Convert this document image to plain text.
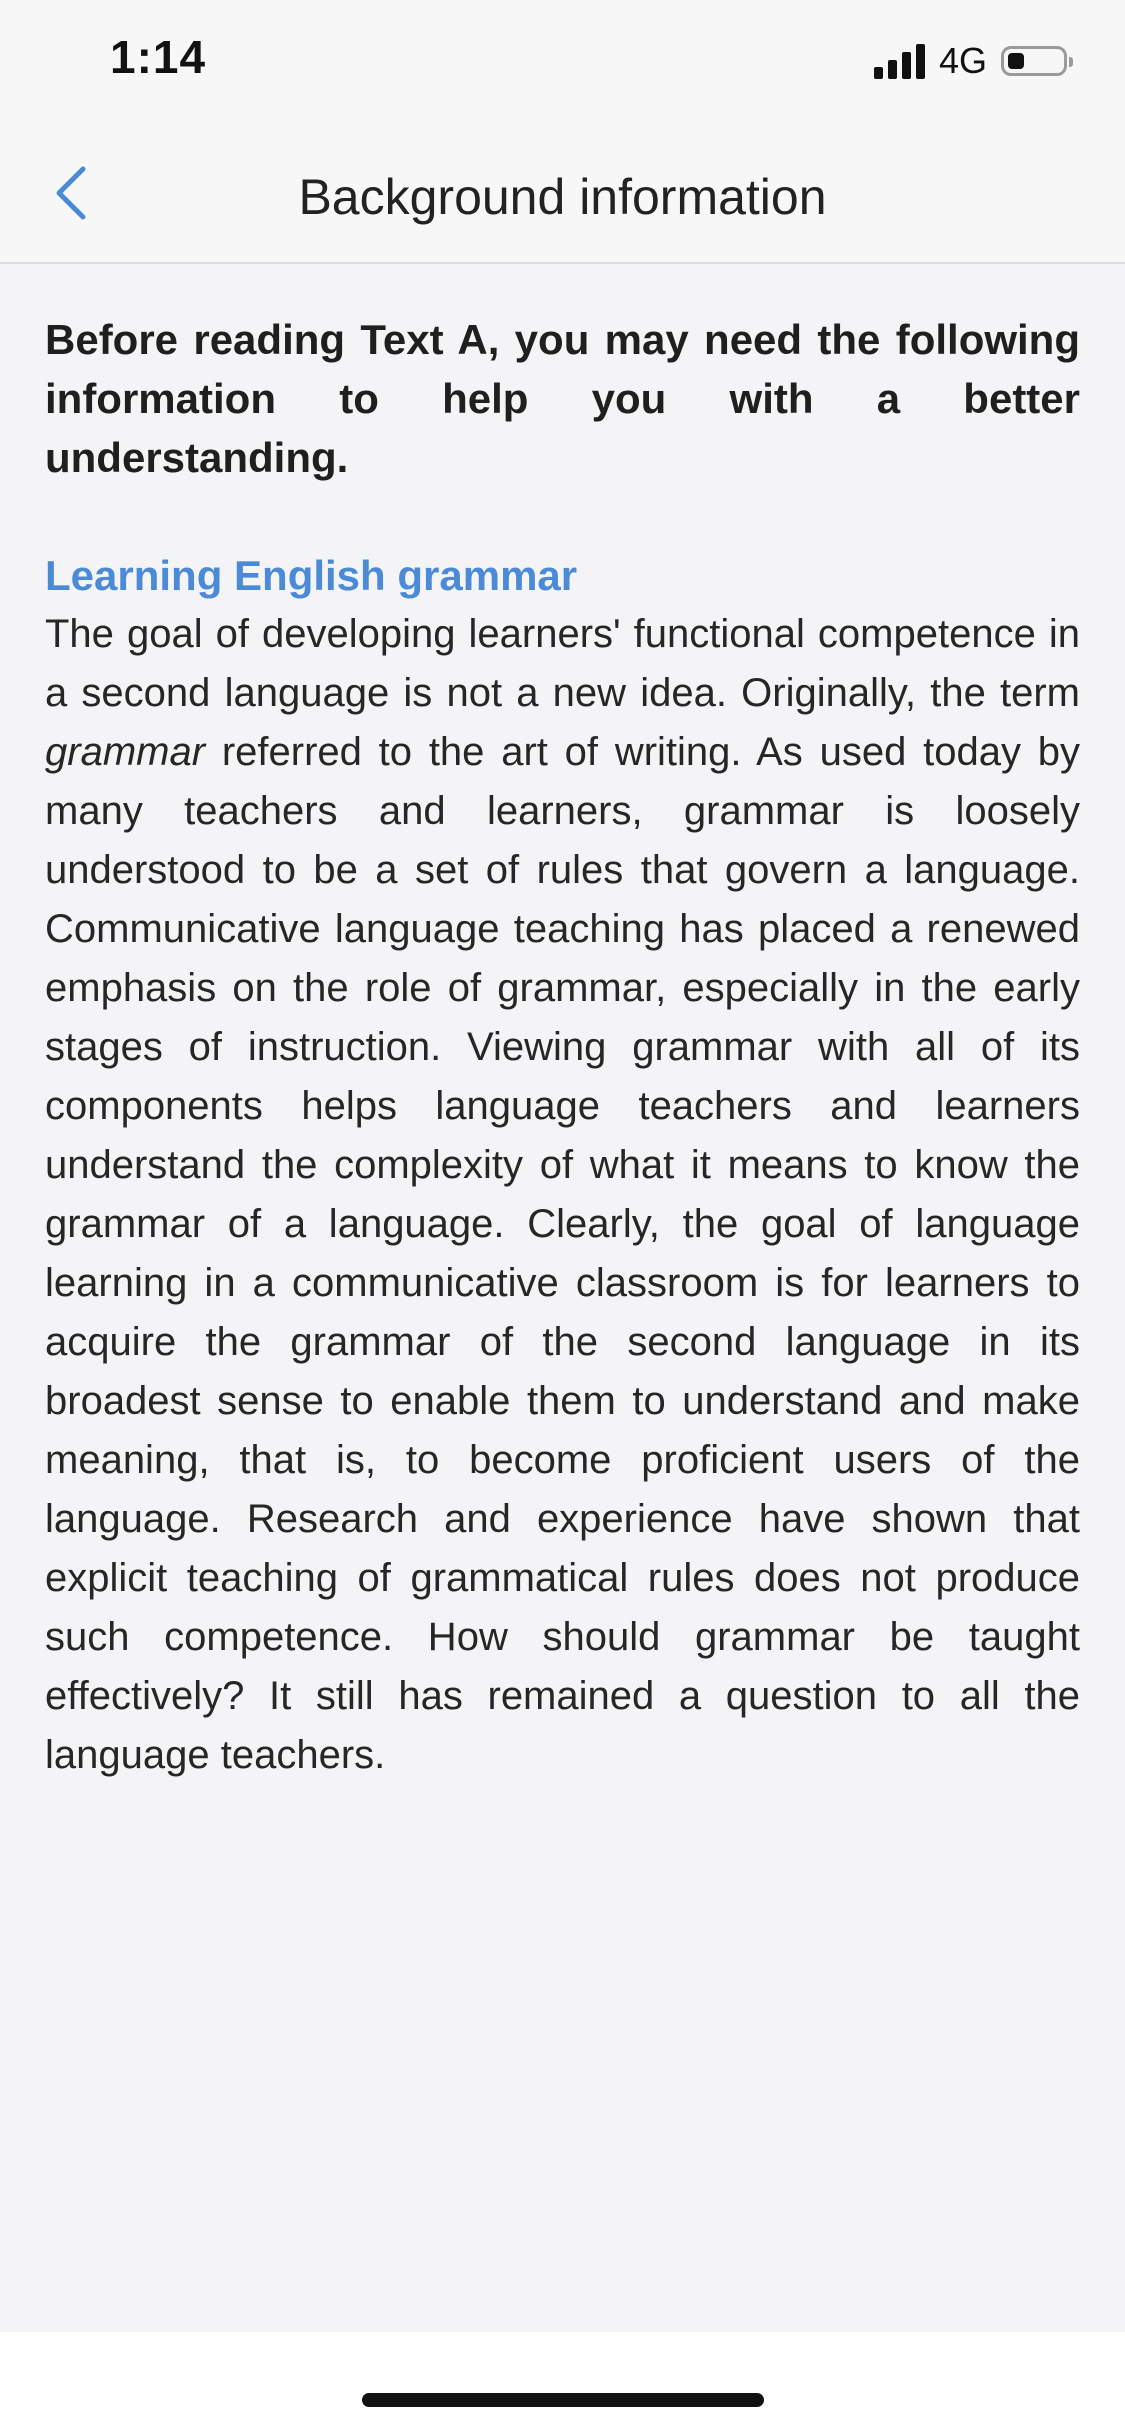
1:14	4G
Background information

Before reading Text A, you may need the following information to help you with a better understanding.

Learning English grammar

The goal of developing learners' functional competence in a second language is not a new idea. Originally, the term grammar referred to the art of writing. As used today by many teachers and learners, grammar is loosely understood to be a set of rules that govern a language. Communicative language teaching has placed a renewed emphasis on the role of grammar, especially in the early stages of instruction. Viewing grammar with all of its components helps language teachers and learners understand the complexity of what it means to know the grammar of a language. Clearly, the goal of language learning in a communicative classroom is for learners to acquire the grammar of the second language in its broadest sense to enable them to understand and make meaning, that is, to become proficient users of the language. Research and experience have shown that explicit teaching of grammatical rules does not produce such competence. How should grammar be taught effectively? It still has remained a question to all the language teachers.
